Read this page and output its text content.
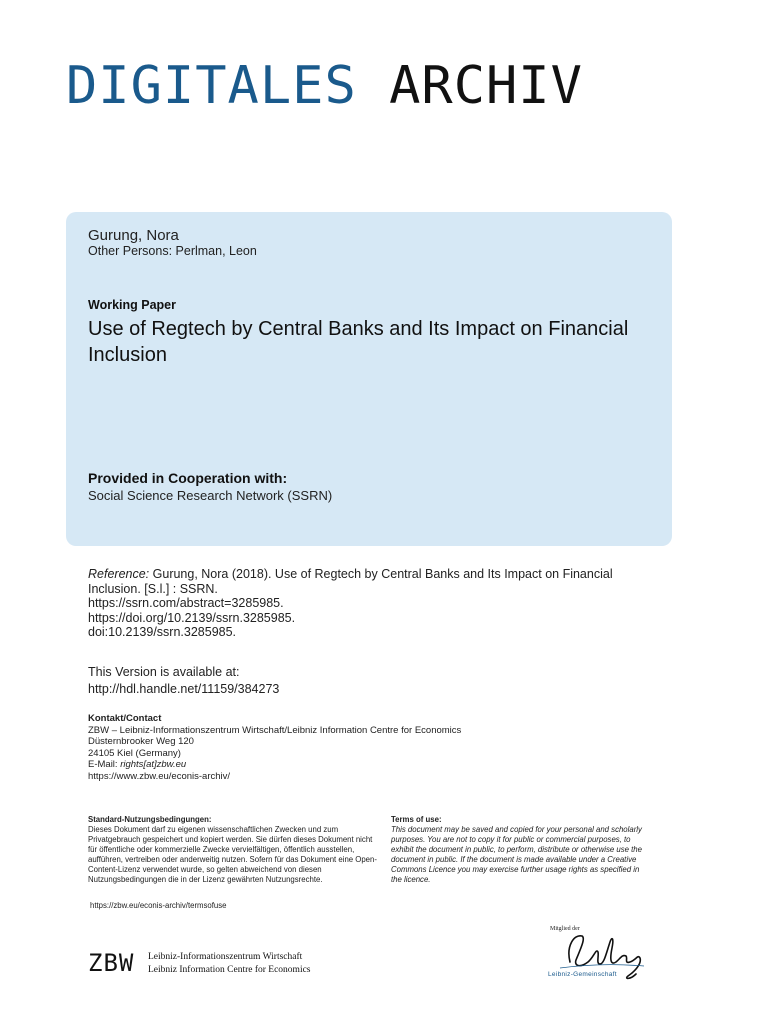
DIGITALES ARCHIV
Gurung, Nora
Other Persons: Perlman, Leon
Working Paper
Use of Regtech by Central Banks and Its Impact on Financial Inclusion
Provided in Cooperation with:
Social Science Research Network (SSRN)
Reference: Gurung, Nora (2018). Use of Regtech by Central Banks and Its Impact on Financial Inclusion. [S.l.] : SSRN.
https://ssrn.com/abstract=3285985.
https://doi.org/10.2139/ssrn.3285985.
doi:10.2139/ssrn.3285985.
This Version is available at:
http://hdl.handle.net/11159/384273
Kontakt/Contact
ZBW – Leibniz-Informationszentrum Wirtschaft/Leibniz Information Centre for Economics
Düsternbrooker Weg 120
24105 Kiel (Germany)
E-Mail: rights[at]zbw.eu
https://www.zbw.eu/econis-archiv/
Standard-Nutzungsbedingungen:
Dieses Dokument darf zu eigenen wissenschaftlichen Zwecken und zum Privatgebrauch gespeichert und kopiert werden. Sie dürfen dieses Dokument nicht für öffentliche oder kommerzielle Zwecke vervielfältigen, öffentlich ausstellen, aufführen, vertreiben oder anderweitig nutzen. Sofern für das Dokument eine Open-Content-Lizenz verwendet wurde, so gelten abweichend von diesen Nutzungsbedingungen die in der Lizenz gewährten Nutzungsrechte.
https://zbw.eu/econis-archiv/termsofuse
Terms of use:
This document may be saved and copied for your personal and scholarly purposes. You are not to copy it for public or commercial purposes, to exhibit the document in public, to perform, distribute or otherwise use the document in public. If the document is made available under a Creative Commons Licence you may exercise further usage rights as specified in the licence.
ZBW Leibniz-Informationszentrum Wirtschaft
Leibniz Information Centre for Economics
Mitglied der
Leibniz-Gemeinschaft
